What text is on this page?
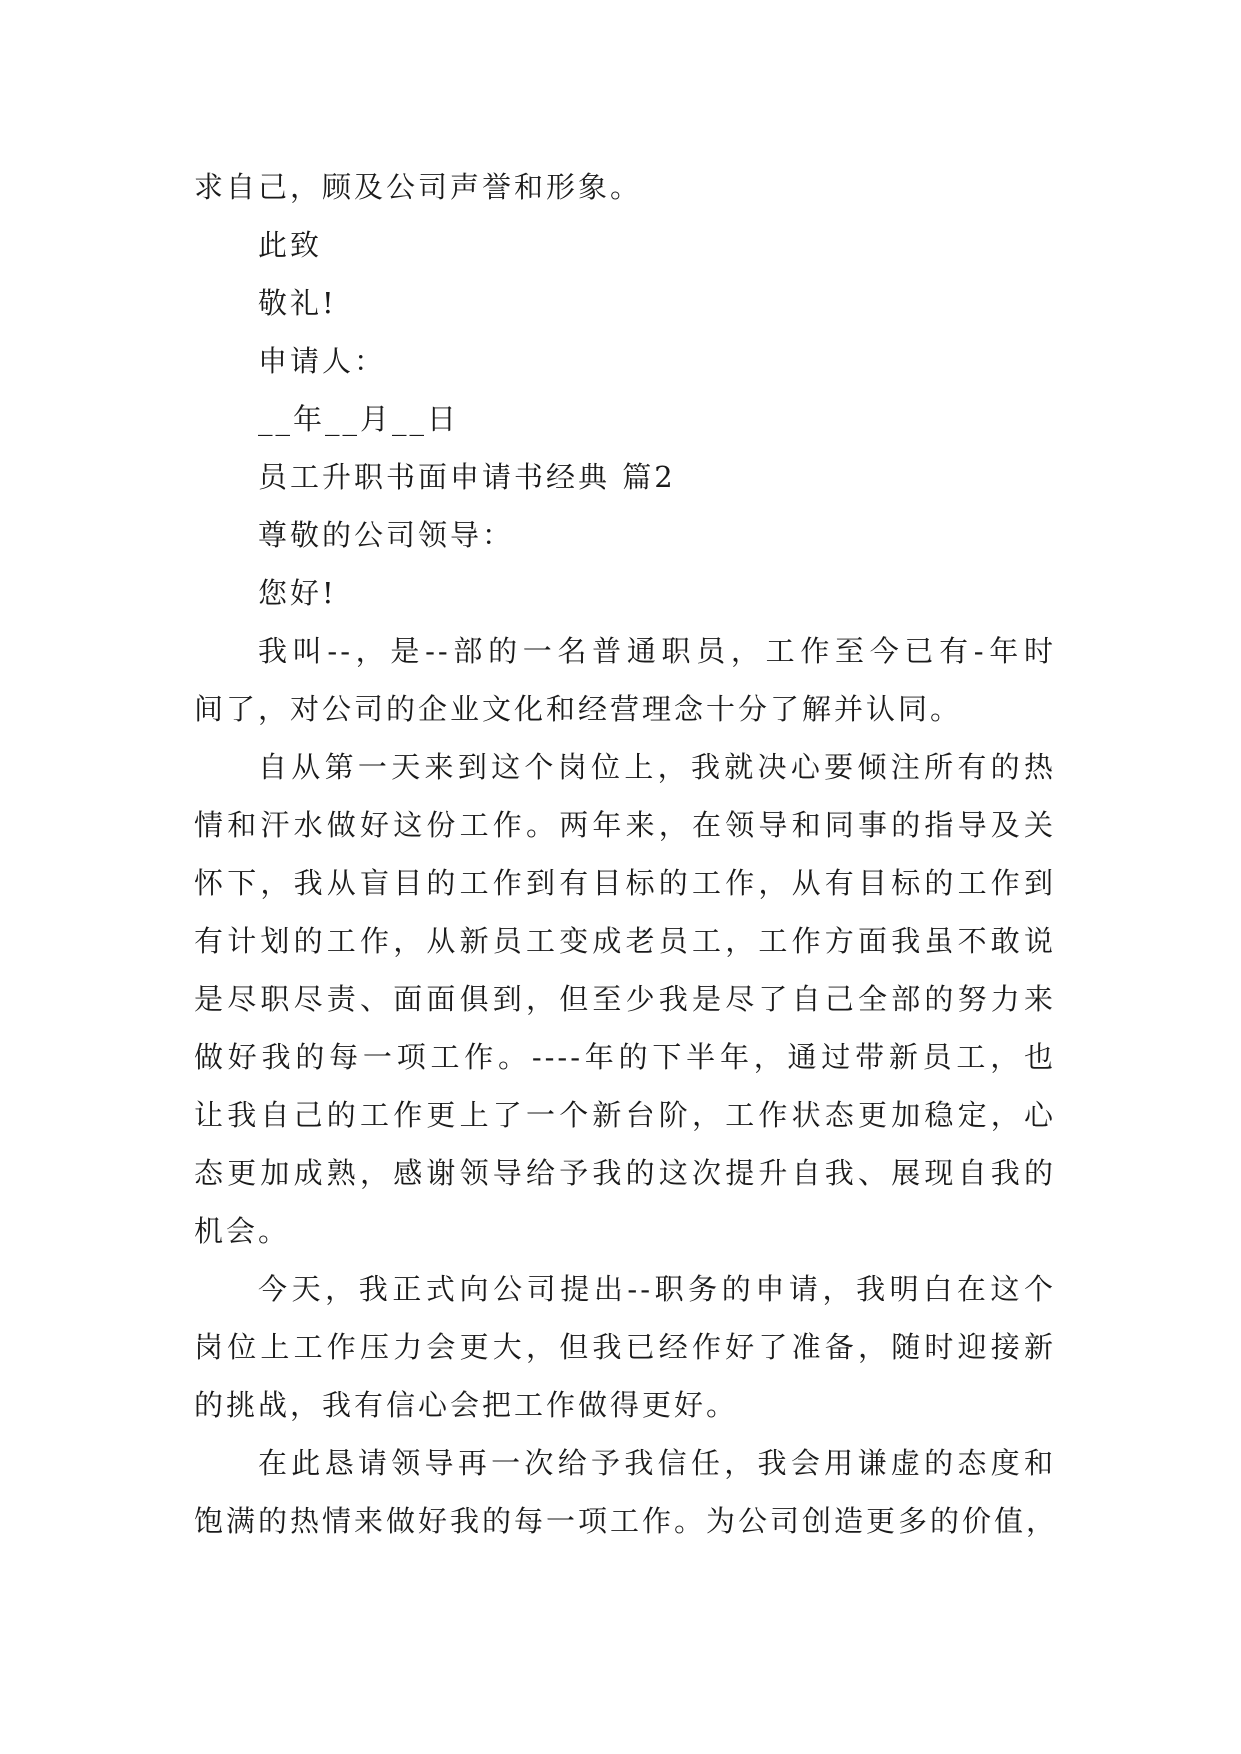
求自己，顾及公司声誉和形象。
此致
敬礼!
申请人：
__年__月__日
员工升职书面申请书经典 篇2
尊敬的公司领导：
您好!
我叫--，是--部的一名普通职员，工作至今已有-年时
间了，对公司的企业文化和经营理念十分了解并认同。
自从第一天来到这个岗位上，我就决心要倾注所有的热
情和汗水做好这份工作。两年来，在领导和同事的指导及关
怀下，我从盲目的工作到有目标的工作，从有目标的工作到
有计划的工作，从新员工变成老员工，工作方面我虽不敢说
是尽职尽责、面面俱到，但至少我是尽了自己全部的努力来
做好我的每一项工作。----年的下半年，通过带新员工，也
让我自己的工作更上了一个新台阶，工作状态更加稳定，心
态更加成熟，感谢领导给予我的这次提升自我、展现自我的
机会。
今天，我正式向公司提出--职务的申请，我明白在这个
岗位上工作压力会更大，但我已经作好了准备，随时迎接新
的挑战，我有信心会把工作做得更好。
在此恳请领导再一次给予我信任，我会用谦虚的态度和
饱满的热情来做好我的每一项工作。为公司创造更多的价值，
